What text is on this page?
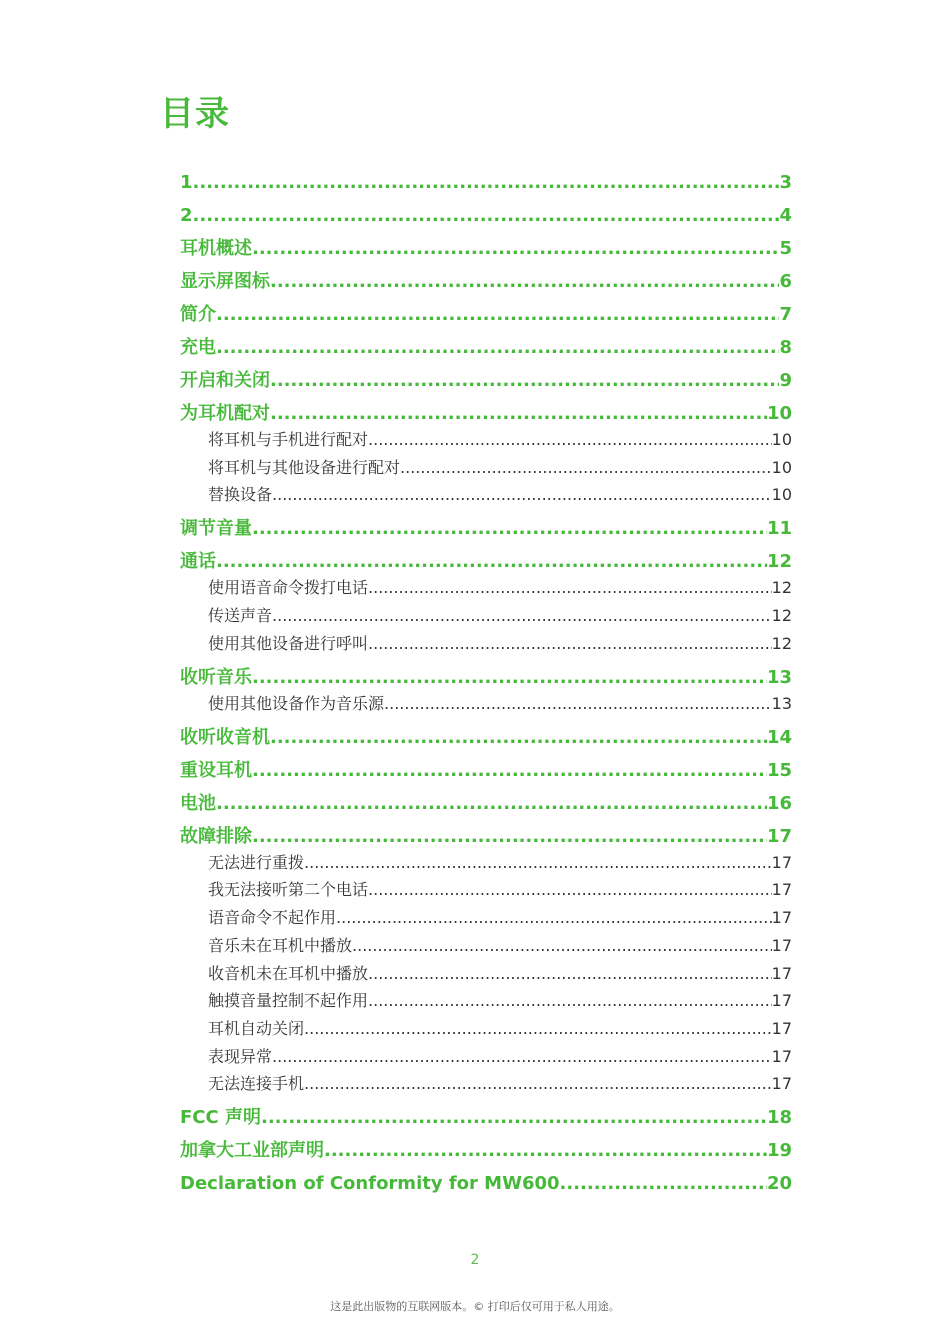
目录
1 .....	3
2 .....	4
耳机概述 .....	5
显示屏图标 .....	6
简介 .....	7
充电 .....	8
开启和关闭 .....	9
为耳机配对 .....	10
将耳机与手机进行配对 .....	10
将耳机与其他设备进行配对 .....	10
替换设备 .....	10
调节音量 .....	11
通话 .....	12
使用语音命令拨打电话 .....	12
传送声音 .....	12
使用其他设备进行呼叫 .....	12
收听音乐 .....	13
使用其他设备作为音乐源 .....	13
收听收音机 .....	14
重设耳机 .....	15
电池 .....	16
故障排除 .....	17
无法进行重拨 .....	17
我无法接听第二个电话 .....	17
语音命令不起作用 .....	17
音乐未在耳机中播放 .....	17
收音机未在耳机中播放 .....	17
触摸音量控制不起作用 .....	17
耳机自动关闭 .....	17
表现异常 .....	17
无法连接手机 .....	17
FCC 声明 .....	18
加拿大工业部声明 .....	19
Declaration of Conformity for MW600 .....	20

2

这是此出版物的互联网版本。© 打印后仅可用于私人用途。
